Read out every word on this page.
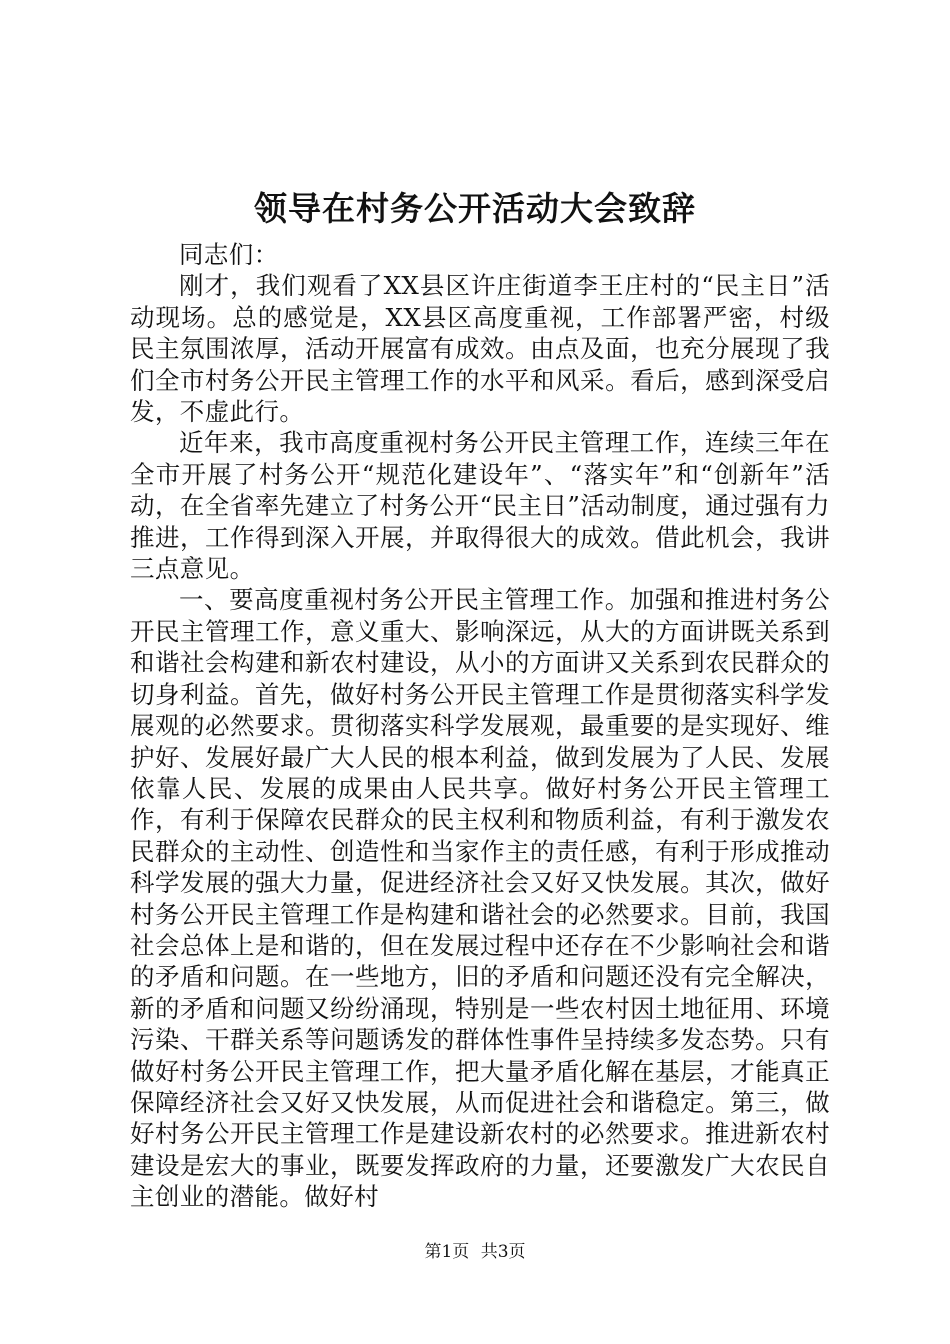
领导在村务公开活动大会致辞

同志们：

刚才，我们观看了XX县区许庄街道李王庄村的“民主日”活动现场。总的感觉是，XX县区高度重视，工作部署严密，村级民主氛围浓厚，活动开展富有成效。由点及面，也充分展现了我们全市村务公开民主管理工作的水平和风采。看后，感到深受启发，不虚此行。

近年来，我市高度重视村务公开民主管理工作，连续三年在全市开展了村务公开“规范化建设年”、“落实年”和“创新年”活动，在全省率先建立了村务公开“民主日”活动制度，通过强有力推进，工作得到深入开展，并取得很大的成效。借此机会，我讲三点意见。

一、要高度重视村务公开民主管理工作。加强和推进村务公开民主管理工作，意义重大、影响深远，从大的方面讲既关系到和谐社会构建和新农村建设，从小的方面讲又关系到农民群众的切身利益。首先，做好村务公开民主管理工作是贯彻落实科学发展观的必然要求。贯彻落实科学发展观，最重要的是实现好、维护好、发展好最广大人民的根本利益，做到发展为了人民、发展依靠人民、发展的成果由人民共享。做好村务公开民主管理工作，有利于保障农民群众的民主权利和物质利益，有利于激发农民群众的主动性、创造性和当家作主的责任感，有利于形成推动科学发展的强大力量，促进经济社会又好又快发展。其次，做好村务公开民主管理工作是构建和谐社会的必然要求。目前，我国社会总体上是和谐的，但在发展过程中还存在不少影响社会和谐的矛盾和问题。在一些地方，旧的矛盾和问题还没有完全解决，新的矛盾和问题又纷纷涌现，特别是一些农村因土地征用、环境污染、干群关系等问题诱发的群体性事件呈持续多发态势。只有做好村务公开民主管理工作，把大量矛盾化解在基层，才能真正保障经济社会又好又快发展，从而促进社会和谐稳定。第三，做好村务公开民主管理工作是建设新农村的必然要求。推进新农村建设是宏大的事业，既要发挥政府的力量，还要激发广大农民自主创业的潜能。做好村

第1页 共3页
